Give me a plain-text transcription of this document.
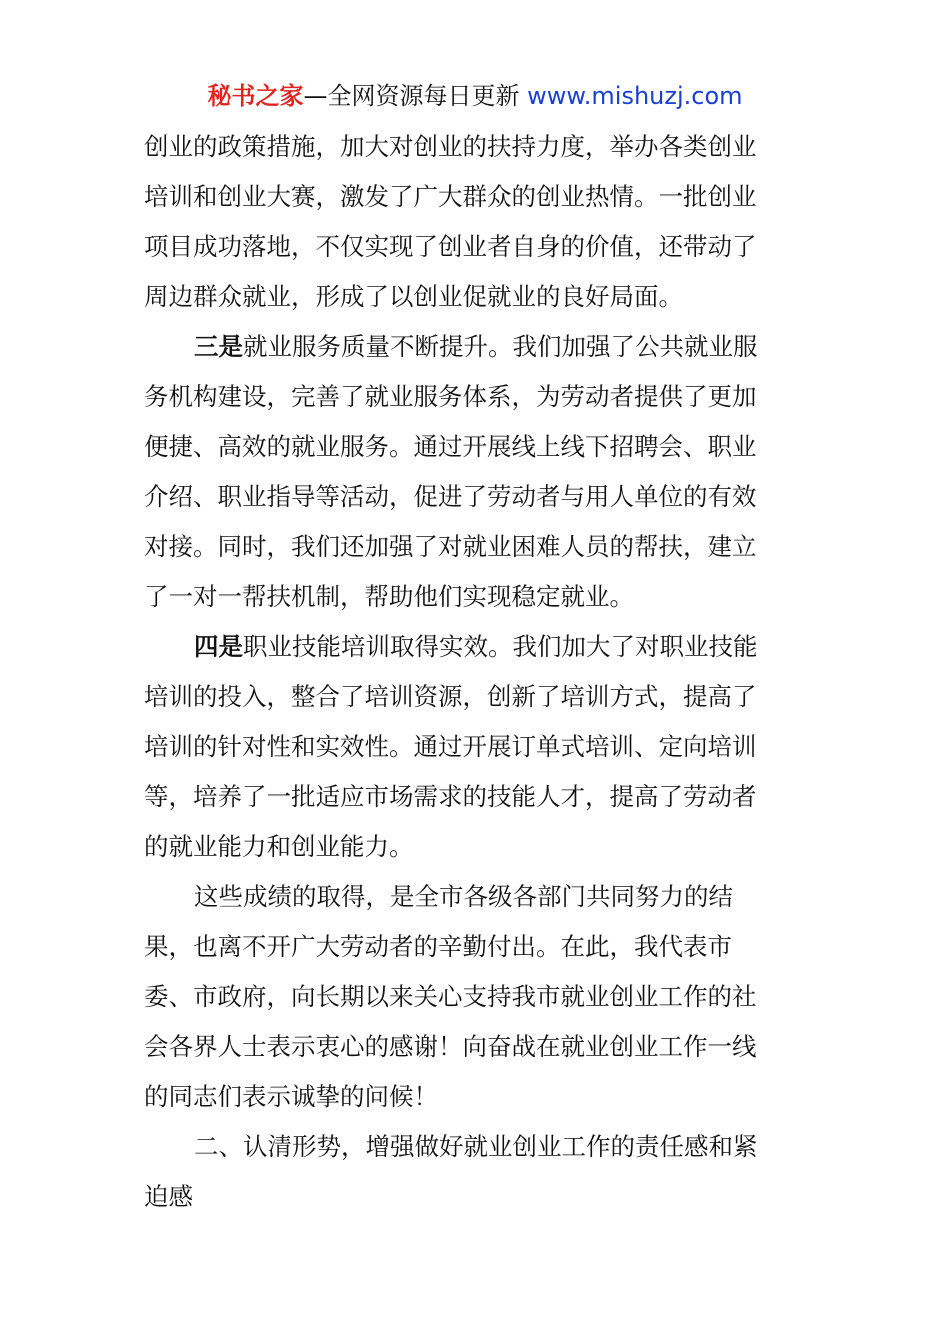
秘书之家—全网资源每日更新 www.mishuzj.com
创业的政策措施，加大对创业的扶持力度，举办各类创业
培训和创业大赛，激发了广大群众的创业热情。一批创业
项目成功落地，不仅实现了创业者自身的价值，还带动了
周边群众就业，形成了以创业促就业的良好局面。
三是就业服务质量不断提升。我们加强了公共就业服
务机构建设，完善了就业服务体系，为劳动者提供了更加
便捷、高效的就业服务。通过开展线上线下招聘会、职业
介绍、职业指导等活动，促进了劳动者与用人单位的有效
对接。同时，我们还加强了对就业困难人员的帮扶，建立
了一对一帮扶机制，帮助他们实现稳定就业。
四是职业技能培训取得实效。我们加大了对职业技能
培训的投入，整合了培训资源，创新了培训方式，提高了
培训的针对性和实效性。通过开展订单式培训、定向培训
等，培养了一批适应市场需求的技能人才，提高了劳动者
的就业能力和创业能力。
这些成绩的取得，是全市各级各部门共同努力的结
果，也离不开广大劳动者的辛勤付出。在此，我代表市
委、市政府，向长期以来关心支持我市就业创业工作的社
会各界人士表示衷心的感谢！向奋战在就业创业工作一线
的同志们表示诚挚的问候！
二、认清形势，增强做好就业创业工作的责任感和紧
迫感
